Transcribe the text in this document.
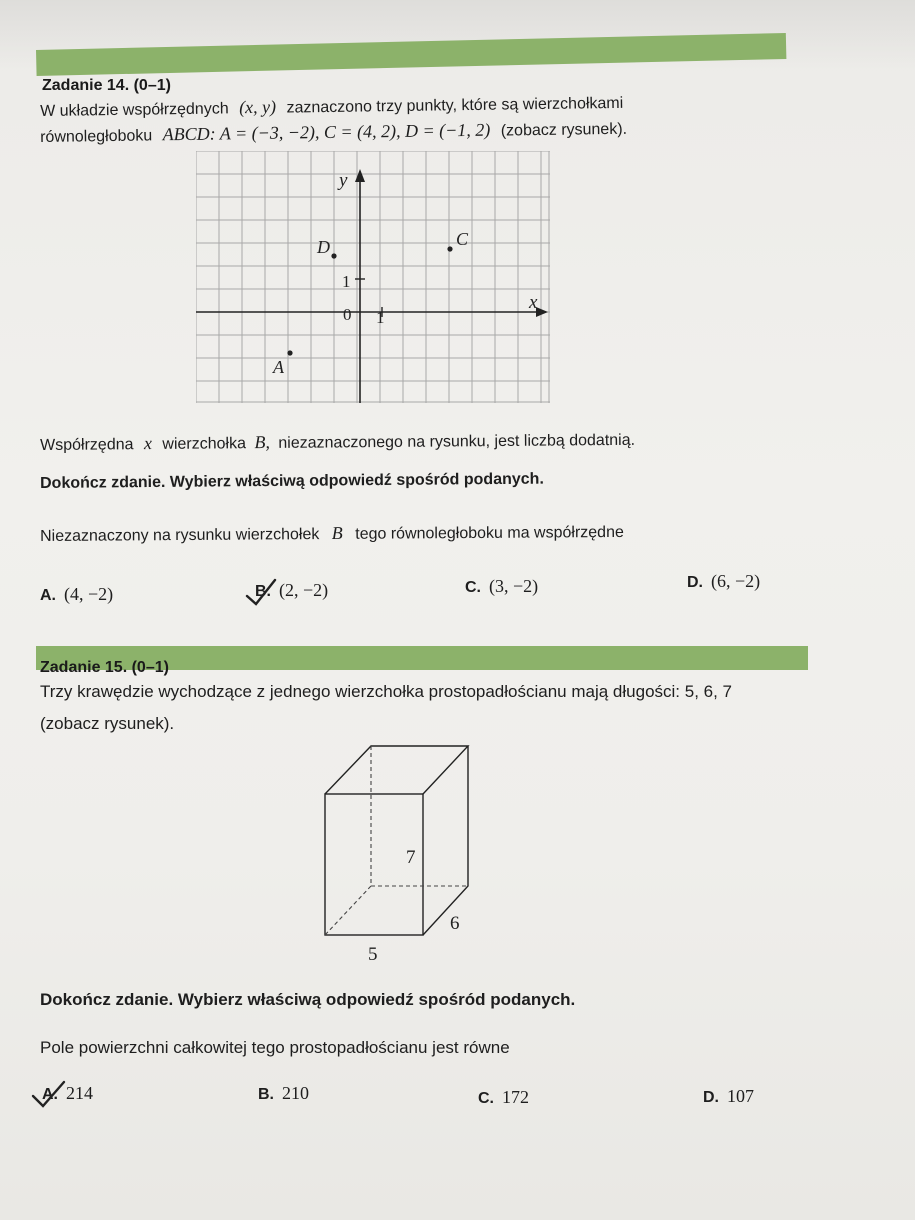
Zadanie 14. (0–1)
W układzie współrzędnych (x, y) zaznaczono trzy punkty, które są wierzchołkami
równoległoboku ABCD: A = (−3, −2), C = (4, 2), D = (−1, 2) (zobacz rysunek).
y
x
0
1
1
D	C
A
Współrzędna x wierzchołka B, niezaznaczonego na rysunku, jest liczbą dodatnią.
Dokończ zdanie. Wybierz właściwą odpowiedź spośród podanych.
Niezaznaczony na rysunku wierzchołek B tego równoległoboku ma współrzędne
A. (4, −2)	B. (2, −2)	C. (3, −2)	D. (6, −2)
Zadanie 15. (0–1)
Trzy krawędzie wychodzące z jednego wierzchołka prostopadłościanu mają długości: 5, 6, 7
(zobacz rysunek).
7
6
5
Dokończ zdanie. Wybierz właściwą odpowiedź spośród podanych.
Pole powierzchni całkowitej tego prostopadłościanu jest równe
A. 214	B. 210	C. 172	D. 107
